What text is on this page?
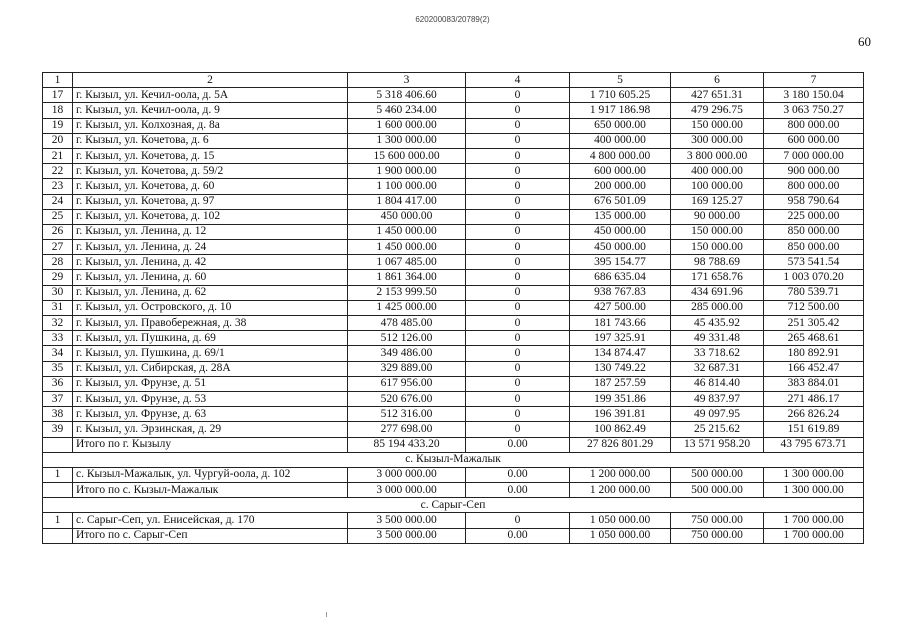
620200083/20789(2)
60
1	2	3	4	5	6	7
17	г. Кызыл, ул. Кечил-оола, д. 5А	5 318 406.60	0	1 710 605.25	427 651.31	3 180 150.04
18	г. Кызыл, ул. Кечил-оола, д. 9	5 460 234.00	0	1 917 186.98	479 296.75	3 063 750.27
19	г. Кызыл, ул. Колхозная, д. 8а	1 600 000.00	0	650 000.00	150 000.00	800 000.00
20	г. Кызыл, ул. Кочетова, д. 6	1 300 000.00	0	400 000.00	300 000.00	600 000.00
21	г. Кызыл, ул. Кочетова, д. 15	15 600 000.00	0	4 800 000.00	3 800 000.00	7 000 000.00
22	г. Кызыл, ул. Кочетова, д. 59/2	1 900 000.00	0	600 000.00	400 000.00	900 000.00
23	г. Кызыл, ул. Кочетова, д. 60	1 100 000.00	0	200 000.00	100 000.00	800 000.00
24	г. Кызыл, ул. Кочетова, д. 97	1 804 417.00	0	676 501.09	169 125.27	958 790.64
25	г. Кызыл, ул. Кочетова, д. 102	450 000.00	0	135 000.00	90 000.00	225 000.00
26	г. Кызыл, ул. Ленина, д. 12	1 450 000.00	0	450 000.00	150 000.00	850 000.00
27	г. Кызыл, ул. Ленина, д. 24	1 450 000.00	0	450 000.00	150 000.00	850 000.00
28	г. Кызыл, ул. Ленина, д. 42	1 067 485.00	0	395 154.77	98 788.69	573 541.54
29	г. Кызыл, ул. Ленина, д. 60	1 861 364.00	0	686 635.04	171 658.76	1 003 070.20
30	г. Кызыл, ул. Ленина, д. 62	2 153 999.50	0	938 767.83	434 691.96	780 539.71
31	г. Кызыл, ул. Островского, д. 10	1 425 000.00	0	427 500.00	285 000.00	712 500.00
32	г. Кызыл, ул. Правобережная, д. 38	478 485.00	0	181 743.66	45 435.92	251 305.42
33	г. Кызыл, ул. Пушкина, д. 69	512 126.00	0	197 325.91	49 331.48	265 468.61
34	г. Кызыл, ул. Пушкина, д. 69/1	349 486.00	0	134 874.47	33 718.62	180 892.91
35	г. Кызыл, ул. Сибирская, д. 28А	329 889.00	0	130 749.22	32 687.31	166 452.47
36	г. Кызыл, ул. Фрунзе, д. 51	617 956.00	0	187 257.59	46 814.40	383 884.01
37	г. Кызыл, ул. Фрунзе, д. 53	520 676.00	0	199 351.86	49 837.97	271 486.17
38	г. Кызыл, ул. Фрунзе, д. 63	512 316.00	0	196 391.81	49 097.95	266 826.24
39	г. Кызыл, ул. Эрзинская, д. 29	277 698.00	0	100 862.49	25 215.62	151 619.89
	Итого по г. Кызылу	85 194 433.20	0.00	27 826 801.29	13 571 958.20	43 795 673.71
с. Кызыл-Мажалык						
1	с. Кызыл-Мажалык, ул. Чургуй-оола, д. 102	3 000 000.00	0.00	1 200 000.00	500 000.00	1 300 000.00
	Итого по с. Кызыл-Мажалык	3 000 000.00	0.00	1 200 000.00	500 000.00	1 300 000.00
с. Сарыг-Сеп						
1	с. Сарыг-Сеп, ул. Енисейская, д. 170	3 500 000.00	0	1 050 000.00	750 000.00	1 700 000.00
	Итого по с. Сарыг-Сеп	3 500 000.00	0.00	1 050 000.00	750 000.00	1 700 000.00
